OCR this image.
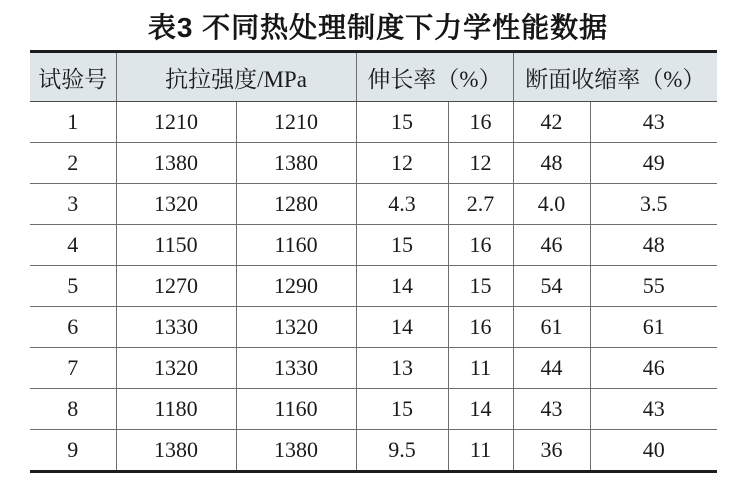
表3 不同热处理制度下力学性能数据
试验号	抗拉强度/MPa		伸长率（%）		断面收缩率（%）	
1	1210	1210	15	16	42	43
2	1380	1380	12	12	48	49
3	1320	1280	4.3	2.7	4.0	3.5
4	1150	1160	15	16	46	48
5	1270	1290	14	15	54	55
6	1330	1320	14	16	61	61
7	1320	1330	13	11	44	46
8	1180	1160	15	14	43	43
9	1380	1380	9.5	11	36	40
